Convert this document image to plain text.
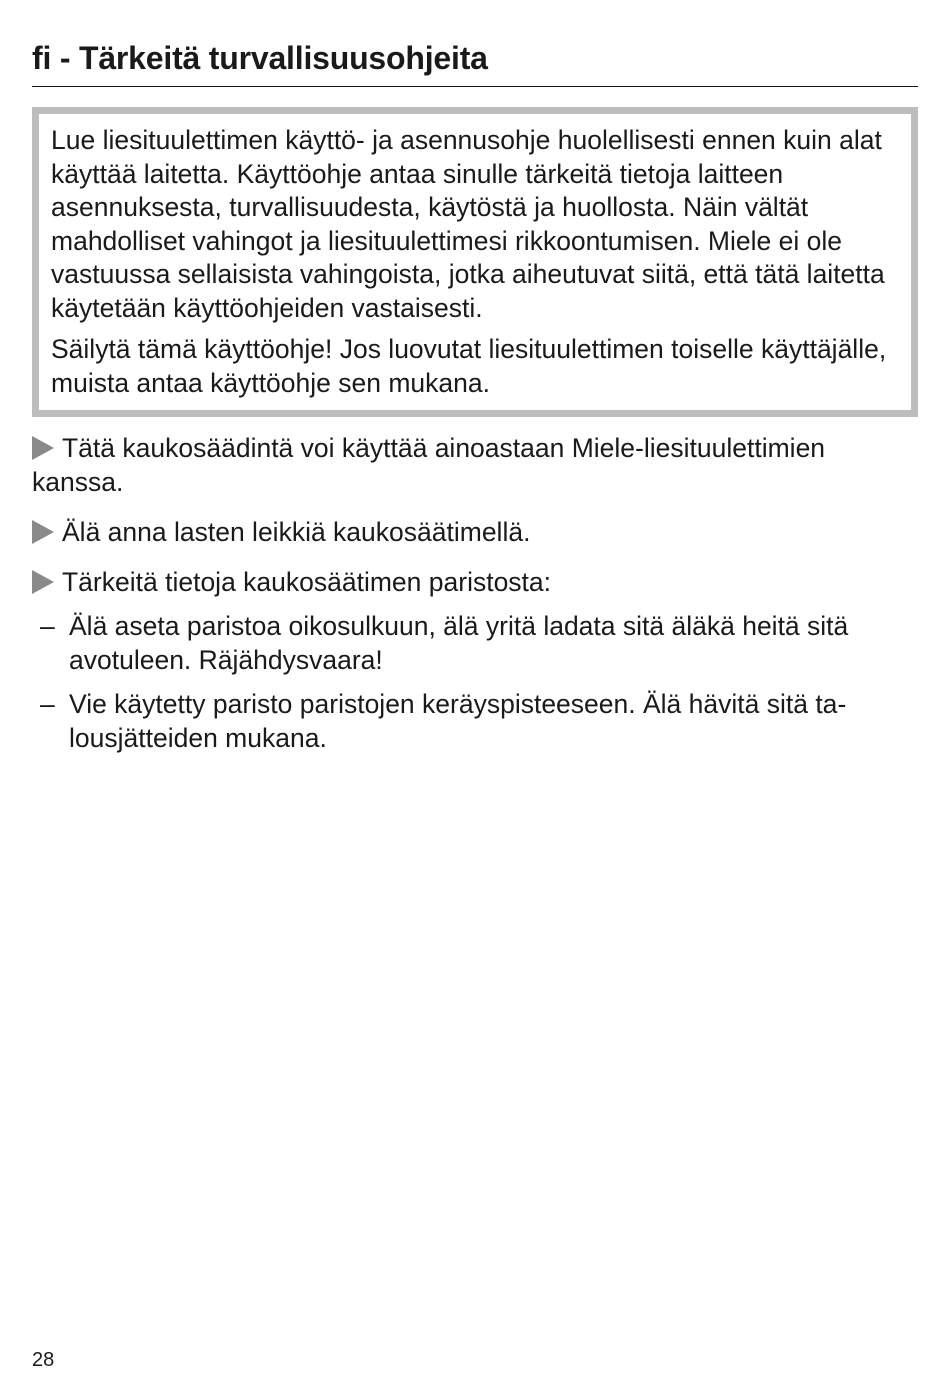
fi - Tärkeitä turvallisuusohjeita

Lue liesituulettimen käyttö- ja asennusohje huolellisesti ennen kuin alat käyttää laitetta. Käyttöohje antaa sinulle tärkeitä tietoja laitteen asennuksesta, turvallisuudesta, käytöstä ja huollosta. Näin vältät mahdolliset vahingot ja liesituulettimesi rikkoontumisen. Miele ei ole vastuussa sellaisista vahingoista, jotka aiheutuvat siitä, että tätä laitetta käytetään käyttöohjeiden vastaisesti.

Säilytä tämä käyttöohje! Jos luovutat liesituulettimen toiselle käyttäjälle, muista antaa käyttöohje sen mukana.

Tätä kaukosäädintä voi käyttää ainoastaan Miele-liesituulettimien kanssa.
Älä anna lasten leikkiä kaukosäätimellä.
Tärkeitä tietoja kaukosäätimen paristosta:
– Älä aseta paristoa oikosulkuun, älä yritä ladata sitä äläkä heitä sitä avotuleen. Räjähdysvaara!
– Vie käytetty paristo paristojen keräyspisteeseen. Älä hävitä sitä talousjätteiden mukana.
28
